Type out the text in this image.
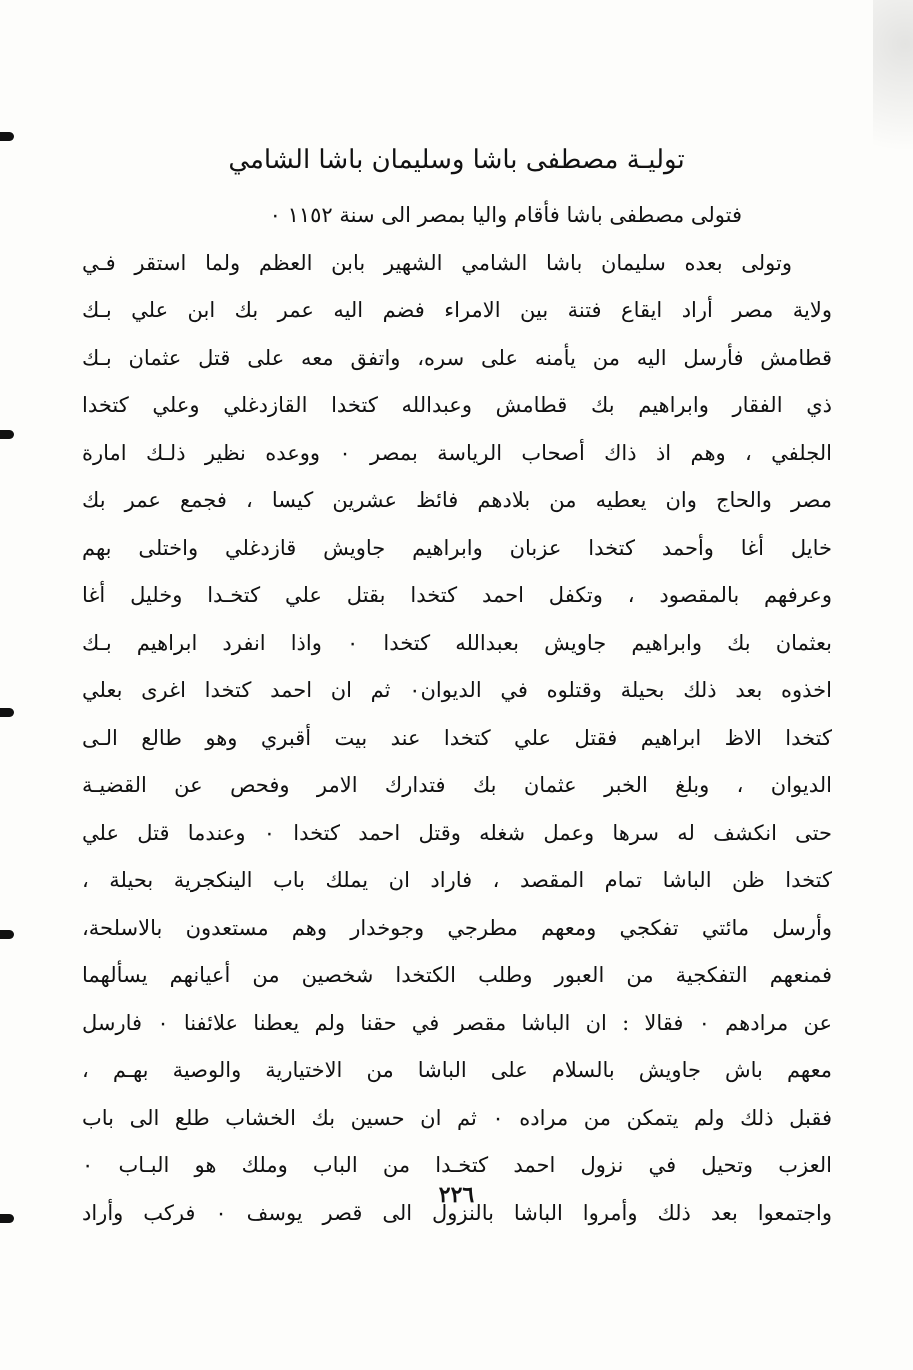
توليـة مصطفى باشا وسليمان باشا الشامي
فتولى مصطفى باشا فأقام واليا بمصر الى سنة ١١٥٢ ٠
وتولى بعده سليمان باشا الشامي الشهير بابن العظم ولما استقر فـي
ولاية مصر أراد ايقاع فتنة بين الامراء فضم اليه عمر بك ابن علي بـك
قطامش فأرسل اليه من يأمنه على سره، واتفق معه على قتل عثمان بـك
ذي الفقار وابراهيم بك قطامش وعبدالله كتخدا القازدغلي وعلي كتخدا
الجلفي ، وهم اذ ذاك أصحاب الرياسة بمصر ٠ ووعده نظير ذلـك امارة
مصر والحاج وان يعطيه من بلادهم فائظ عشرين كيسا ، فجمع عمر بك
خايل أغا وأحمد كتخدا عزبان وابراهيم جاويش قازدغلي واختلى بهم
وعرفهم بالمقصود ، وتكفل احمد كتخدا بقتل علي كتخـدا وخليل أغا
بعثمان بك وابراهيم جاويش بعبدالله كتخدا ٠ واذا انفرد ابراهيم بـك
اخذوه بعد ذلك بحيلة وقتلوه في الديوان٠ ثم ان احمد كتخدا اغرى بعلي
كتخدا الاظ ابراهيم فقتل علي كتخدا عند بيت أقبري وهو طالع الـى
الديوان ، وبلغ الخبر عثمان بك فتدارك الامر وفحص عن القضيـة
حتى انكشف له سرها وعمل شغله وقتل احمد كتخدا ٠ وعندما قتل علي
كتخدا ظن الباشا تمام المقصد ، فاراد ان يملك باب الينكجرية بحيلة ،
وأرسل مائتي تفكجي ومعهم مطرجي وجوخدار وهم مستعدون بالاسلحة،
فمنعهم التفكجية من العبور وطلب الكتخدا شخصين من أعيانهم يسألهما
عن مرادهم ٠ فقالا : ان الباشا مقصر في حقنا ولم يعطنا علائفنا ٠ فارسل
معهم باش جاويش بالسلام على الباشا من الاختيارية والوصية بهـم ،
فقبل ذلك ولم يتمكن من مراده ٠ ثم ان حسين بك الخشاب طلع الى باب
العزب وتحيل في نزول احمد كتخـدا من الباب وملك هو البـاب ٠
واجتمعوا بعد ذلك وأمروا الباشا بالنزول الى قصر يوسف ٠ فركب وأراد
٢٢٦
